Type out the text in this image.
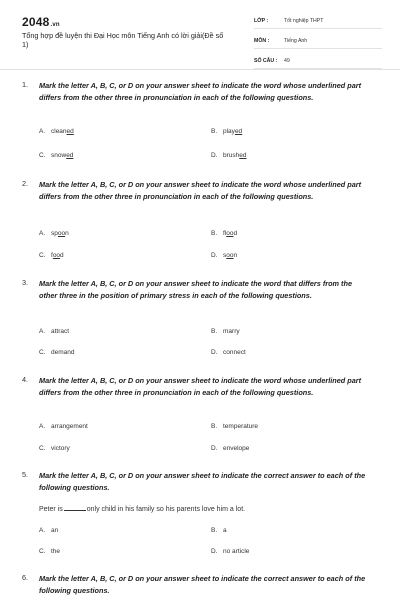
2048.vn
Tổng hợp đề luyện thi Đại Học môn Tiếng Anh có lời giải(Đề số 1)
LỚP :	Tốt nghiệp THPT
MÔN :	Tiếng Anh
SỐ CÂU : 49
1. Mark the letter A, B, C, or D on your answer sheet to indicate the word whose underlined part differs from the other three in pronunciation in each of the following questions.
A. cleaned	B. played
C. snowed	D. brushed
2. Mark the letter A, B, C, or D on your answer sheet to indicate the word whose underlined part differs from the other three in pronunciation in each of the following questions.
A. spoon	B. flood
C. food	D. soon
3. Mark the letter A, B, C, or D on your answer sheet to indicate the word that differs from the other three in the position of primary stress in each of the following questions.
A. attract	B. marry
C. demand	D. connect
4. Mark the letter A, B, C, or D on your answer sheet to indicate the word whose underlined part differs from the other three in pronunciation in each of the following questions.
A. arrangement	B. temperature
C. victory	D. envelope
5. Mark the letter A, B, C, or D on your answer sheet to indicate the correct answer to each of the following questions.
Peter is	only child in his family so his parents love him a lot.
A. an	B. a
C. the	D. no article
6. Mark the letter A, B, C, or D on your answer sheet to indicate the correct answer to each of the following questions.
